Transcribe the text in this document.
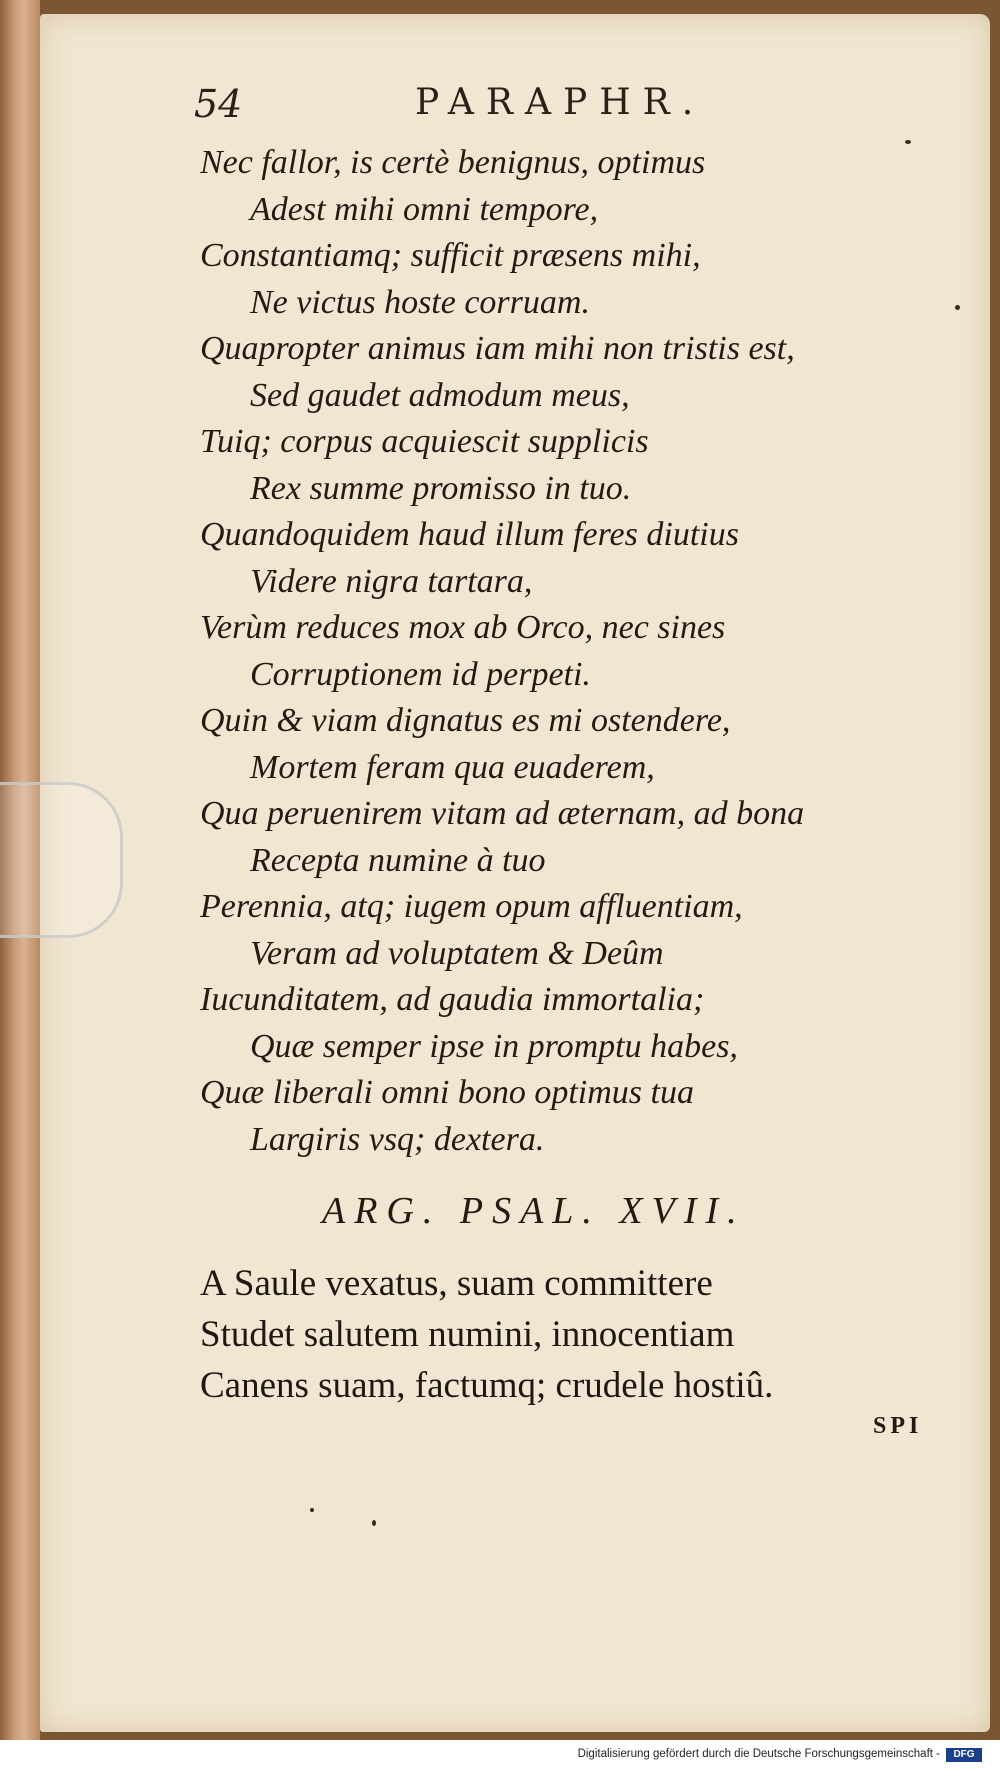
54	PARAPHR.
Nec fallor, is certè benignus, optimus
Adest mihi omni tempore,
Constantiamq; sufficit præsens mihi,
Ne victus hoste corruam.
Quapropter animus iam mihi non tristis est,
Sed gaudet admodum meus,
Tuiq; corpus acquiescit supplicis
Rex summe promisso in tuo.
Quandoquidem haud illum feres diutius
Videre nigra tartara,
Verùm reduces mox ab Orco, nec sines
Corruptionem id perpeti.
Quin & viam dignatus es mi ostendere,
Mortem feram qua euaderem,
Qua peruenirem vitam ad æternam, ad bona
Recepta numine à tuo
Perennia, atq; iugem opum affluentiam,
Veram ad voluptatem & Deûm
Iucunditatem, ad gaudia immortalia;
Quæ semper ipse in promptu habes,
Quæ liberali omni bono optimus tua
Largiris vsq; dextera.
ARG. PSAL. XVII.
A Saule vexatus, suam committere
Studet salutem numini, innocentiam
Canens suam, factumq; crudele hostiû.
SPI
Digitalisierung gefördert durch die Deutsche Forschungsgemeinschaft -	DFG
